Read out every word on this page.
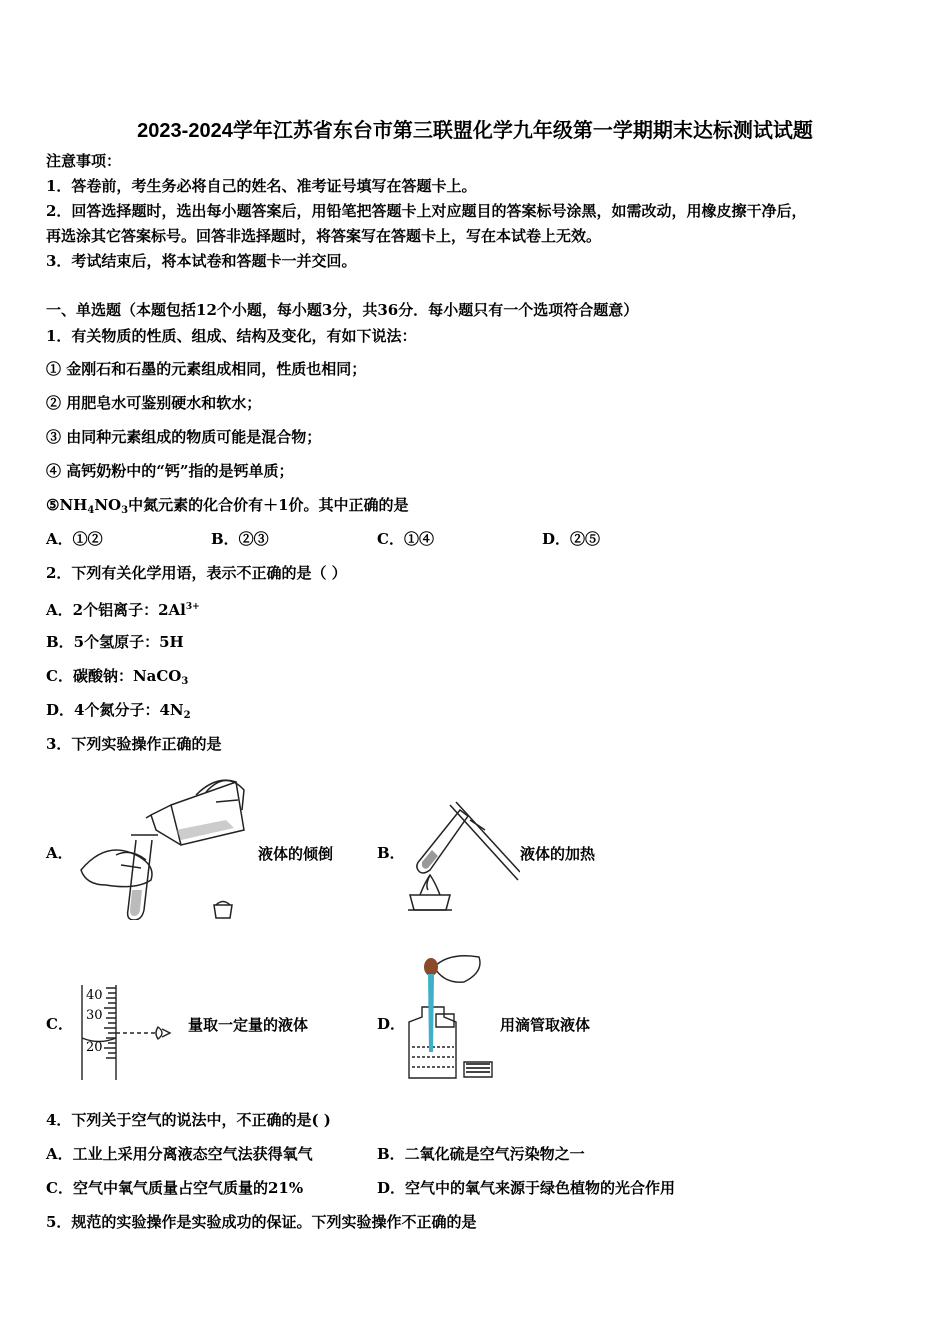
2023-2024学年江苏省东台市第三联盟化学九年级第一学期期末达标测试试题
注意事项：
1．答卷前，考生务必将自己的姓名、准考证号填写在答题卡上。
2．回答选择题时，选出每小题答案后，用铅笔把答题卡上对应题目的答案标号涂黑，如需改动，用橡皮擦干净后，
再选涂其它答案标号。回答非选择题时，将答案写在答题卡上，写在本试卷上无效。
3．考试结束后，将本试卷和答题卡一并交回。
一、单选题（本题包括12个小题，每小题3分，共36分．每小题只有一个选项符合题意）
1．有关物质的性质、组成、结构及变化，有如下说法：
① 金刚石和石墨的元素组成相同，性质也相同；
② 用肥皂水可鉴别硬水和软水；
③ 由同种元素组成的物质可能是混合物；
④ 高钙奶粉中的“钙”指的是钙单质；
$⑤NH_4NO_3$中氮元素的化合价有＋1价。其中正确的是
A．①②	B．②③	C．①④	D．②⑤
2．下列有关化学用语，表示不正确的是（ ）
A．2个铝离子：$2Al^{3+}$
B．5个氢原子：5H
C．碳酸钠：NaCO$_3$
D．4个氮分子：$4N_2$
3．下列实验操作正确的是
A．	液体的倾倒	B．	液体的加热
C．
40
30
20
量取一定量的液体	D．	用滴管取液体
4．下列关于空气的说法中，不正确的是( )
A．工业上采用分离液态空气法获得氧气	B．二氧化硫是空气污染物之一
C．空气中氧气质量占空气质量的21%	D．空气中的氧气来源于绿色植物的光合作用
5．规范的实验操作是实验成功的保证。下列实验操作不正确的是
